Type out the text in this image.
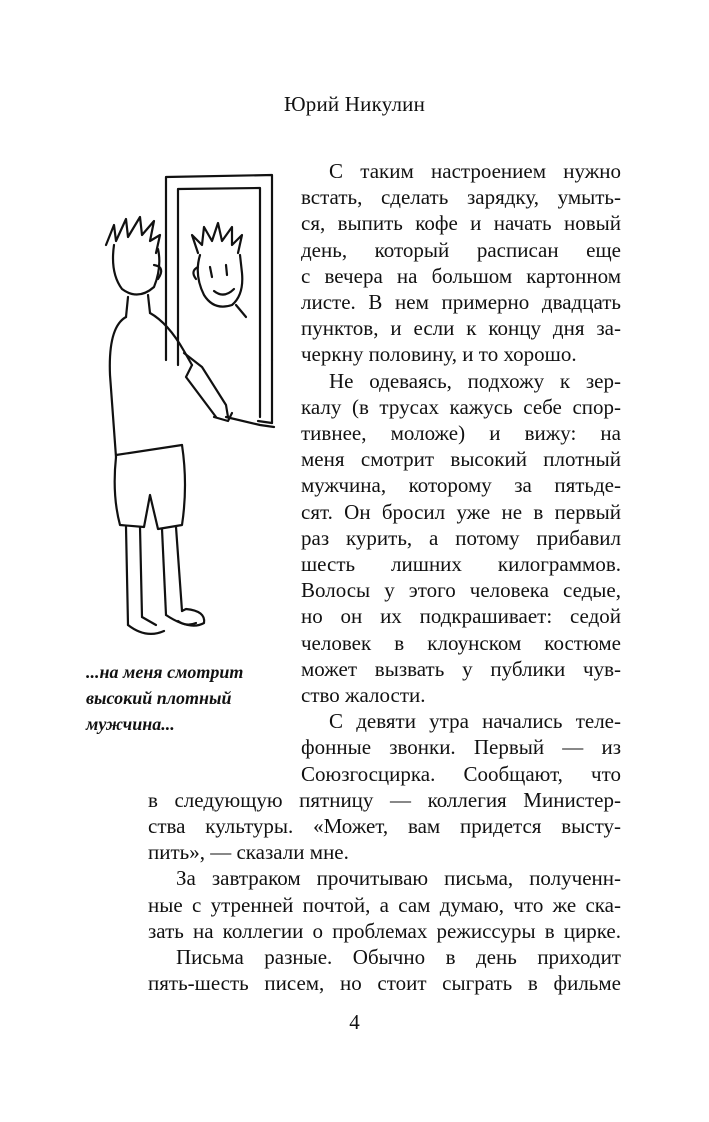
Юрий Никулин
...на меня смотрит
высокий плотный
мужчина...
С таким настроением нужно
встать, сделать зарядку, умыть-
ся, выпить кофе и начать новый
день, который расписан еще
с вечера на большом картонном
листе. В нем примерно двадцать
пунктов, и если к концу дня за-
черкну половину, и то хорошо.
Не одеваясь, подхожу к зер-
калу (в трусах кажусь себе спор-
тивнее, моложе) и вижу: на
меня смотрит высокий плотный
мужчина, которому за пятьде-
сят. Он бросил уже не в первый
раз курить, а потому прибавил
шесть лишних килограммов.
Волосы у этого человека седые,
но он их подкрашивает: седой
человек в клоунском костюме
может вызвать у публики чув-
ство жалости.
С девяти утра начались теле-
фонные звонки. Первый — из
Союзгосцирка. Сообщают, что
в следующую пятницу — коллегия Министер-
ства культуры. «Может, вам придется высту-
пить», — сказали мне.
За завтраком прочитываю письма, полученн-
ные с утренней почтой, а сам думаю, что же ска-
зать на коллегии о проблемах режиссуры в цирке.
Письма разные. Обычно в день приходит
пять-шесть писем, но стоит сыграть в фильме
4
